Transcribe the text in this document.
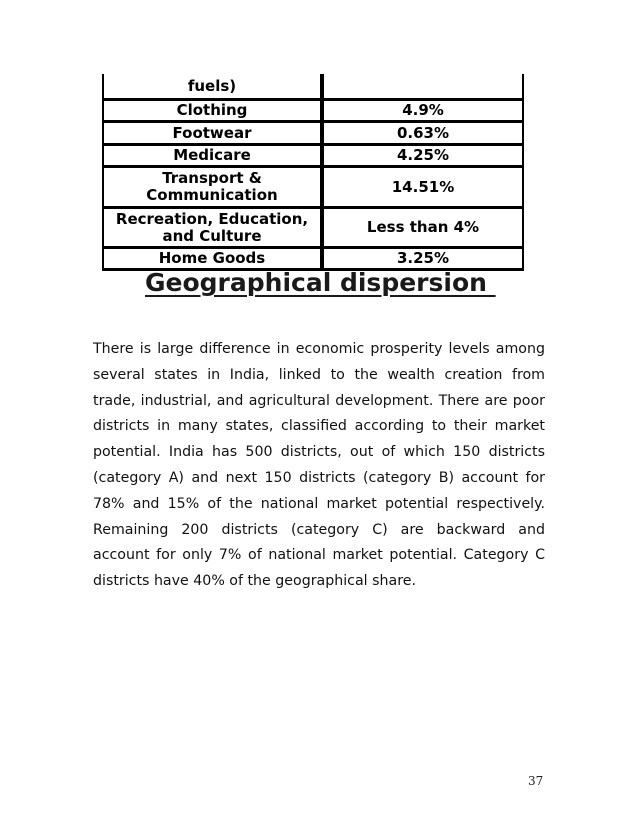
fuels)	
Clothing	4.9%
Footwear	0.63%
Medicare	4.25%
Transport & Communication	14.51%
Recreation, Education, and Culture	Less than 4%
Home Goods	3.25%
Geographical dispersion

There is large difference in economic prosperity levels among several states in India, linked to the wealth creation from trade, industrial, and agricultural development. There are poor districts in many states, classified according to their market potential. India has 500 districts, out of which 150 districts (category A) and next 150 districts (category B) account for 78% and 15% of the national market potential respectively. Remaining 200 districts (category C) are backward and account for only 7% of national market potential. Category C districts have 40% of the geographical share.

37
